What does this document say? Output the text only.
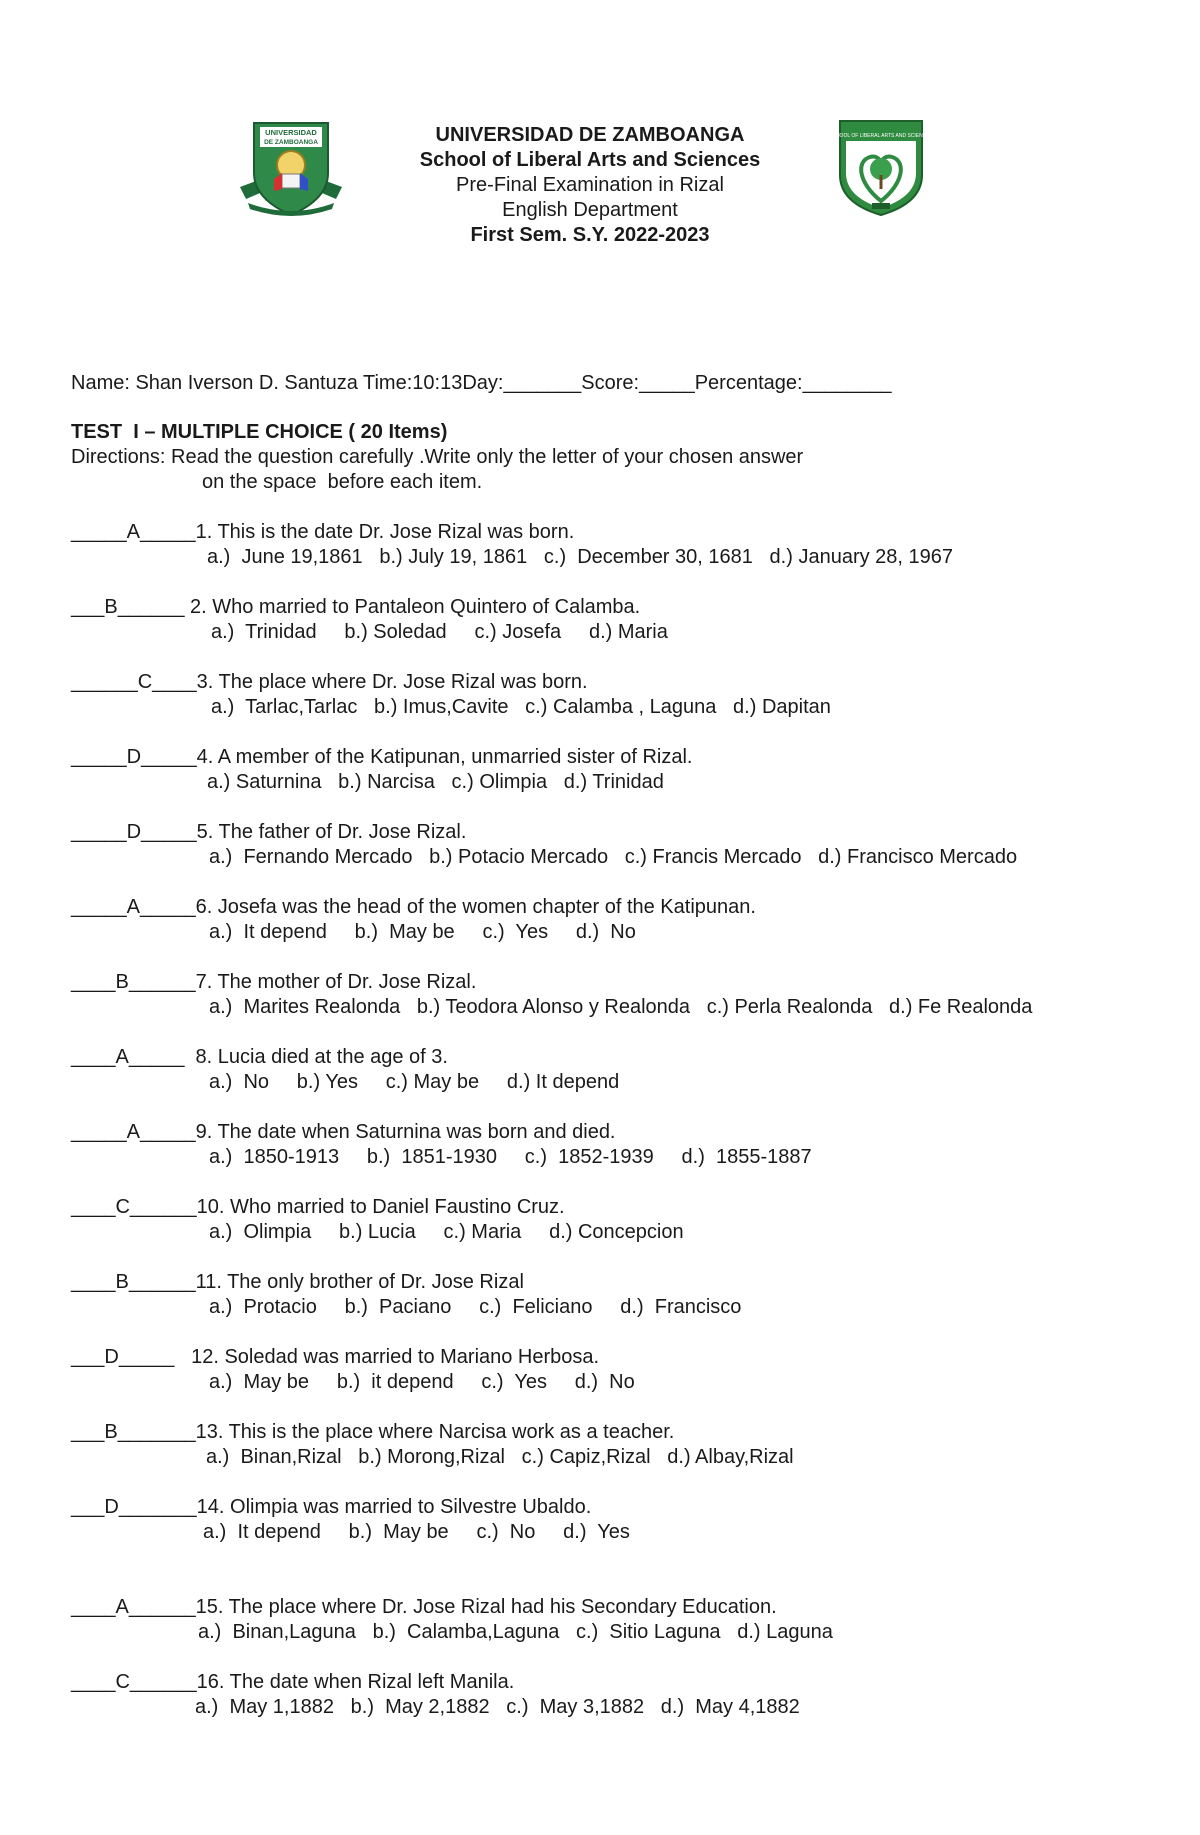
UNIVERSIDAD
DE ZAMBOANGA	UNIVERSIDAD DE ZAMBOANGA
School of Liberal Arts and Sciences
Pre-Final Examination in Rizal
English Department
First Sem. S.Y. 2022-2023
SCHOOL OF LIBERAL ARTS AND SCIENCES
Name: Shan Iverson D. Santuza Time:10:13Day:_______Score:_____Percentage:________
TEST  I – MULTIPLE CHOICE ( 20 Items)
Directions: Read the question carefully .Write only the letter of your chosen answer
on the space  before each item.
_____A_____1. This is the date Dr. Jose Rizal was born.
a.)  June 19,1861   b.) July 19, 1861   c.)  December 30, 1681   d.) January 28, 1967
___B______ 2. Who married to Pantaleon Quintero of Calamba.
a.)  Trinidad     b.) Soledad     c.) Josefa     d.) Maria
______C____3. The place where Dr. Jose Rizal was born.
a.)  Tarlac,Tarlac   b.) Imus,Cavite   c.) Calamba , Laguna   d.) Dapitan
_____D_____4. A member of the Katipunan, unmarried sister of Rizal.
a.) Saturnina   b.) Narcisa   c.) Olimpia   d.) Trinidad
_____D_____5. The father of Dr. Jose Rizal.
a.)  Fernando Mercado   b.) Potacio Mercado   c.) Francis Mercado   d.) Francisco Mercado
_____A_____6. Josefa was the head of the women chapter of the Katipunan.
a.)  It depend     b.)  May be     c.)  Yes     d.)  No
____B______7. The mother of Dr. Jose Rizal.
a.)  Marites Realonda   b.) Teodora Alonso y Realonda   c.) Perla Realonda   d.) Fe Realonda
____A_____  8. Lucia died at the age of 3.
a.)  No     b.) Yes     c.) May be     d.) It depend
_____A_____9. The date when Saturnina was born and died.
a.)  1850-1913     b.)  1851-1930     c.)  1852-1939     d.)  1855-1887
____C______10. Who married to Daniel Faustino Cruz.
a.)  Olimpia     b.) Lucia     c.) Maria     d.) Concepcion
____B______11. The only brother of Dr. Jose Rizal
a.)  Protacio     b.)  Paciano     c.)  Feliciano     d.)  Francisco
___D_____   12. Soledad was married to Mariano Herbosa.
a.)  May be     b.)  it depend     c.)  Yes     d.)  No
___B_______13. This is the place where Narcisa work as a teacher.
a.)  Binan,Rizal   b.) Morong,Rizal   c.) Capiz,Rizal   d.) Albay,Rizal
___D_______14. Olimpia was married to Silvestre Ubaldo.
a.)  It depend     b.)  May be     c.)  No     d.)  Yes
____A______15. The place where Dr. Jose Rizal had his Secondary Education.
a.)  Binan,Laguna   b.)  Calamba,Laguna   c.)  Sitio Laguna   d.) Laguna
____C______16. The date when Rizal left Manila.
a.)  May 1,1882   b.)  May 2,1882   c.)  May 3,1882   d.)  May 4,1882
